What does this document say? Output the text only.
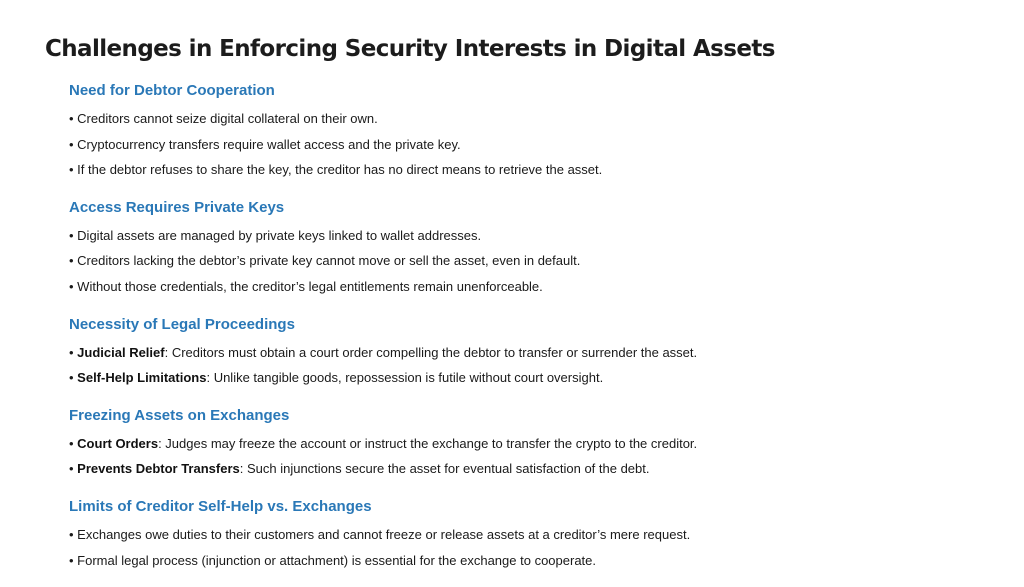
Challenges in Enforcing Security Interests in Digital Assets
Need for Debtor Cooperation

• Creditors cannot seize digital collateral on their own.

• Cryptocurrency transfers require wallet access and the private key.

• If the debtor refuses to share the key, the creditor has no direct means to retrieve the asset.

Access Requires Private Keys

• Digital assets are managed by private keys linked to wallet addresses.

• Creditors lacking the debtor’s private key cannot move or sell the asset, even in default.

• Without those credentials, the creditor’s legal entitlements remain unenforceable.

Necessity of Legal Proceedings

• Judicial Relief: Creditors must obtain a court order compelling the debtor to transfer or surrender the asset.

• Self-Help Limitations: Unlike tangible goods, repossession is futile without court oversight.

Freezing Assets on Exchanges

• Court Orders: Judges may freeze the account or instruct the exchange to transfer the crypto to the creditor.

• Prevents Debtor Transfers: Such injunctions secure the asset for eventual satisfaction of the debt.

Limits of Creditor Self-Help vs. Exchanges

• Exchanges owe duties to their customers and cannot freeze or release assets at a creditor’s mere request.

• Formal legal process (injunction or attachment) is essential for the exchange to cooperate.
